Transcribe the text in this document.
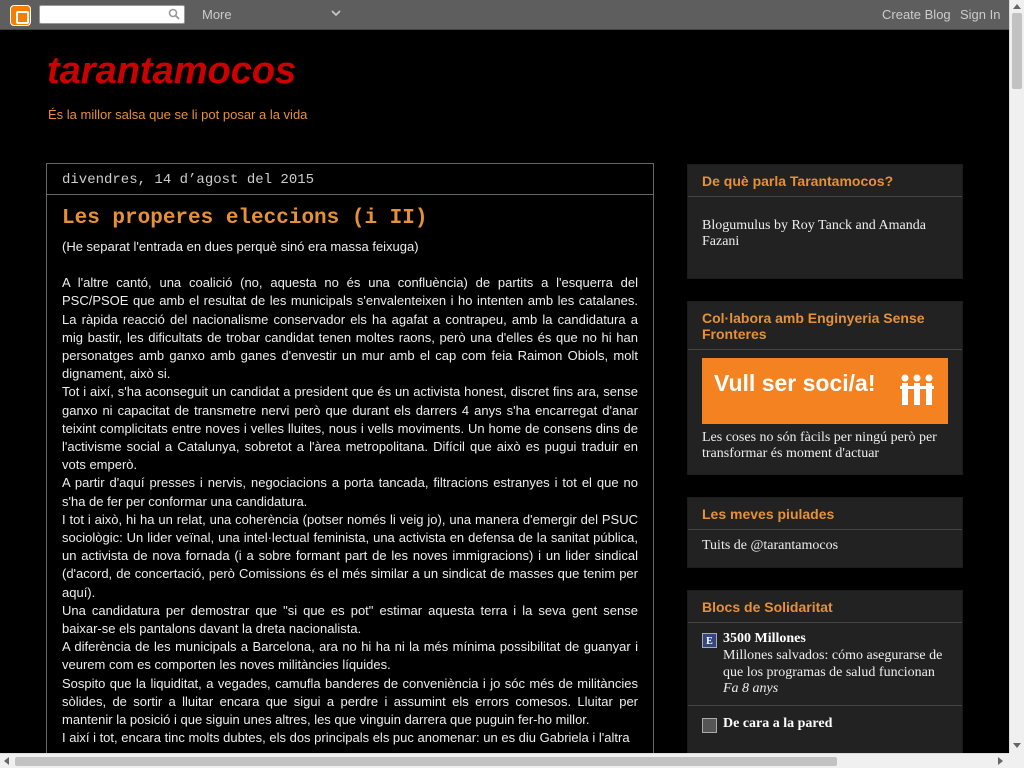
More	Create Blog Sign In
tarantamocos
És la millor salsa que se li pot posar a la vida
divendres, 14 d’agost del 2015
Les properes eleccions (i II)

(He separat l'entrada en dues perquè sinó era massa feixuga)

A l'altre cantó, una coalició (no, aquesta no és una confluència) de partits a l'esquerra del PSC/PSOE que amb el resultat de les municipals s'envalenteixen i ho intenten amb les catalanes. La ràpida reacció del nacionalisme conservador els ha agafat a contrapeu, amb la candidatura a mig bastir, les dificultats de trobar candidat tenen moltes raons, però una d'elles és que no hi han personatges amb ganxo amb ganes d'envestir un mur amb el cap com feia Raimon Obiols, molt dignament, això si.

Tot i així, s'ha aconseguit un candidat a president que és un activista honest, discret fins ara, sense ganxo ni capacitat de transmetre nervi però que durant els darrers 4 anys s'ha encarregat d'anar teixint complicitats entre noves i velles lluites, nous i vells moviments. Un home de consens dins de l'activisme social a Catalunya, sobretot a l'àrea metropolitana. Difícil que això es pugui traduir en vots emperò.

A partir d'aquí presses i nervis, negociacions a porta tancada, filtracions estranyes i tot el que no s'ha de fer per conformar una candidatura.

I tot i això, hi ha un relat, una coherència (potser només li veig jo), una manera d'emergir del PSUC sociològic: Un lider veïnal, una intel·lectual feminista, una activista en defensa de la sanitat pública, un activista de nova fornada (i a sobre formant part de les noves immigracions) i un lider sindical (d'acord, de concertació, però Comissions és el més similar a un sindicat de masses que tenim per aquí).

Una candidatura per demostrar que "si que es pot" estimar aquesta terra i la seva gent sense baixar-se els pantalons davant la dreta nacionalista.

A diferència de les municipals a Barcelona, ara no hi ha ni la més mínima possibilitat de guanyar i veurem com es comporten les noves militàncies líquides.

Sospito que la liquiditat, a vegades, camufla banderes de conveniència i jo sóc més de militàncies sòlides, de sortir a lluitar encara que sigui a perdre i assumint els errors comesos. Lluitar per mantenir la posició i que siguin unes altres, les que vinguin darrera que puguin fer-ho millor.

I així i tot, encara tinc molts dubtes, els dos principals els puc anomenar: un es diu Gabriela i l'altra

De què parla Tarantamocos?
Blogumulus by Roy Tanck and Amanda Fazani
Col·labora amb Enginyeria Sense Fronteres
Vull ser soci/a!
Les coses no són fàcils per ningú però per transformar és moment d'actuar
Les meves piulades
Tuits de @tarantamocos
Blocs de Solidaritat
E 3500 Millones
Millones salvados: cómo asegurarse de que los programas de salud funcionan
Fa 8 anys
De cara a la pared
